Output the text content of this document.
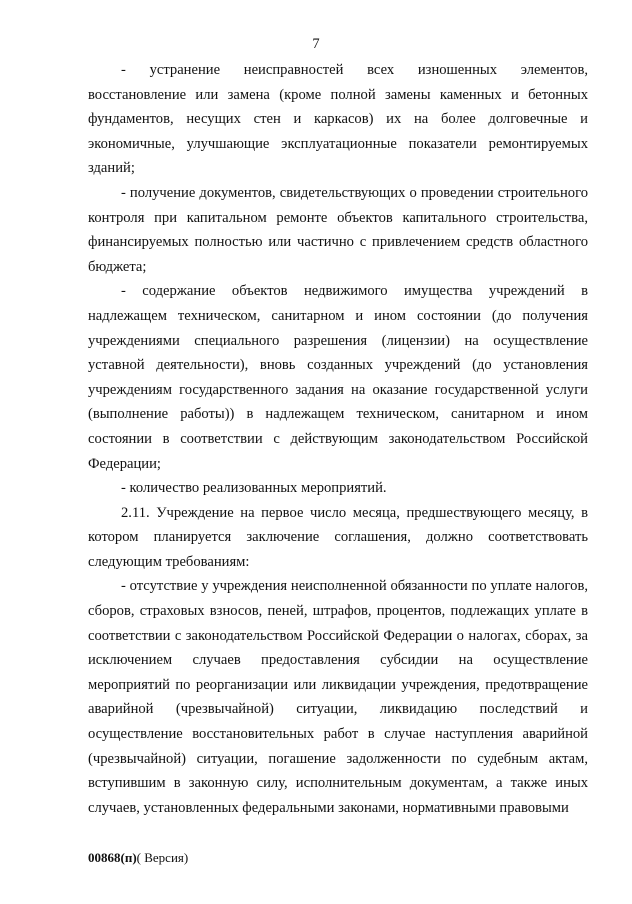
7

- устранение неисправностей всех изношенных элементов, восстановление или замена (кроме полной замены каменных и бетонных фундаментов, несущих стен и каркасов) их на более долговечные и экономичные, улучшающие эксплуатационные показатели ремонтируемых зданий;

- получение документов, свидетельствующих о проведении строительного контроля при капитальном ремонте объектов капитального строительства, финансируемых полностью или частично с привлечением средств областного бюджета;

- содержание объектов недвижимого имущества учреждений в надлежащем техническом, санитарном и ином состоянии (до получения учреждениями специального разрешения (лицензии) на осуществление уставной деятельности), вновь созданных учреждений (до установления учреждениям государственного задания на оказание государственной услуги (выполнение работы)) в надлежащем техническом, санитарном и ином состоянии в соответствии с действующим законодательством Российской Федерации;

- количество реализованных мероприятий.

2.11. Учреждение на первое число месяца, предшествующего месяцу, в котором планируется заключение соглашения, должно соответствовать следующим требованиям:

- отсутствие у учреждения неисполненной обязанности по уплате налогов, сборов, страховых взносов, пеней, штрафов, процентов, подлежащих уплате в соответствии с законодательством Российской Федерации о налогах, сборах, за исключением случаев предоставления субсидии на осуществление мероприятий по реорганизации или ликвидации учреждения, предотвращение аварийной (чрезвычайной) ситуации, ликвидацию последствий и осуществление восстановительных работ в случае наступления аварийной (чрезвычайной) ситуации, погашение задолженности по судебным актам, вступившим в законную силу, исполнительным документам, а также иных случаев, установленных федеральными законами, нормативными правовыми

00868(п)( Версия)
